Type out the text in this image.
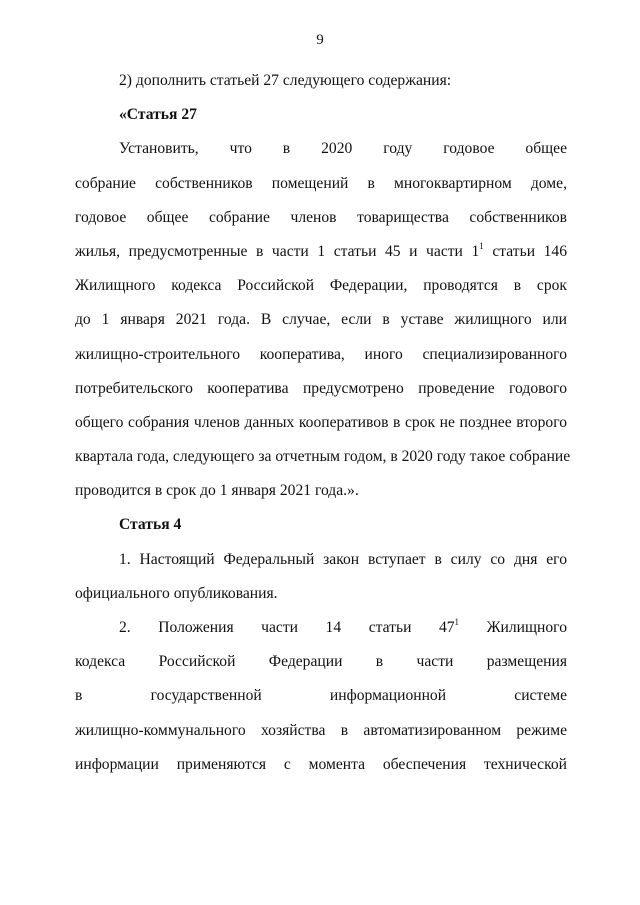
9
2) дополнить статьей 27 следующего содержания:
«Статья 27
Установить, что в 2020 году годовое общее
собрание собственников помещений в многоквартирном доме,
годовое общее собрание членов товарищества собственников
жилья, предусмотренные в части 1 статьи 45 и части $1^1$ статьи 146
Жилищного кодекса Российской Федерации, проводятся в срок
до 1 января 2021 года. В случае, если в уставе жилищного или
жилищно-строительного кооператива, иного специализированного
потребительского кооператива предусмотрено проведение годового
общего собрания членов данных кооперативов в срок не позднее второго
квартала года, следующего за отчетным годом, в 2020 году такое собрание
проводится в срок до 1 января 2021 года.».
Статья 4
1. Настоящий Федеральный закон вступает в силу со дня его
официального опубликования.
2. Положения части 14 статьи $47^1$ Жилищного
кодекса Российской Федерации в части размещения
в государственной информационной системе
жилищно-коммунального хозяйства в автоматизированном режиме
информации применяются с момента обеспечения технической
